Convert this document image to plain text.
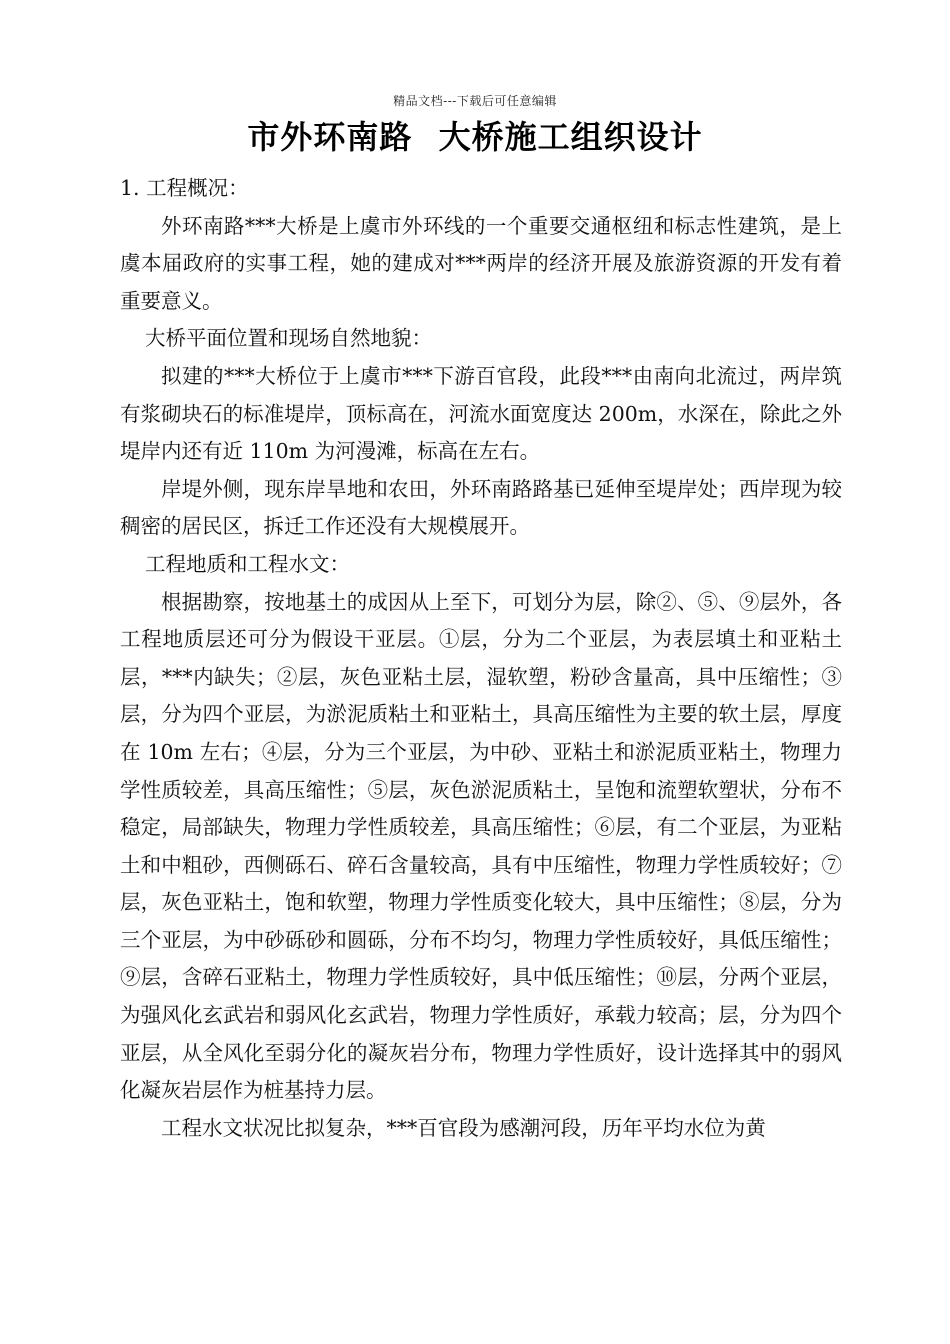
精品文档---下载后可任意编辑
市外环南路 大桥施工组织设计

1. 工程概况：

外环南路***大桥是上虞市外环线的一个重要交通枢纽和标志性建筑，是上虞本届政府的实事工程，她的建成对***两岸的经济开展及旅游资源的开发有着重要意义。

大桥平面位置和现场自然地貌：

拟建的***大桥位于上虞市***下游百官段，此段***由南向北流过，两岸筑有浆砌块石的标准堤岸，顶标高在，河流水面宽度达 200m，水深在，除此之外堤岸内还有近 110m 为河漫滩，标高在左右。

岸堤外侧，现东岸旱地和农田，外环南路路基已延伸至堤岸处；西岸现为较稠密的居民区，拆迁工作还没有大规模展开。

工程地质和工程水文：

根据勘察，按地基土的成因从上至下，可划分为层，除②、⑤、⑨层外，各工程地质层还可分为假设干亚层。①层，分为二个亚层，为表层填土和亚粘土层，***内缺失；②层，灰色亚粘土层，湿软塑，粉砂含量高，具中压缩性；③层，分为四个亚层，为淤泥质粘土和亚粘土，具高压缩性为主要的软土层，厚度在 10m 左右；④层，分为三个亚层，为中砂、亚粘土和淤泥质亚粘土，物理力学性质较差，具高压缩性；⑤层，灰色淤泥质粘土，呈饱和流塑软塑状，分布不稳定，局部缺失，物理力学性质较差，具高压缩性；⑥层，有二个亚层，为亚粘土和中粗砂，西侧砾石、碎石含量较高，具有中压缩性，物理力学性质较好；⑦层，灰色亚粘土，饱和软塑，物理力学性质变化较大，具中压缩性；⑧层，分为三个亚层，为中砂砾砂和圆砾，分布不均匀，物理力学性质较好，具低压缩性；⑨层，含碎石亚粘土，物理力学性质较好，具中低压缩性；⑩层，分两个亚层，为强风化玄武岩和弱风化玄武岩，物理力学性质好，承载力较高；层，分为四个亚层，从全风化至弱分化的凝灰岩分布，物理力学性质好，设计选择其中的弱风化凝灰岩层作为桩基持力层。

工程水文状况比拟复杂，***百官段为感潮河段，历年平均水位为黄
